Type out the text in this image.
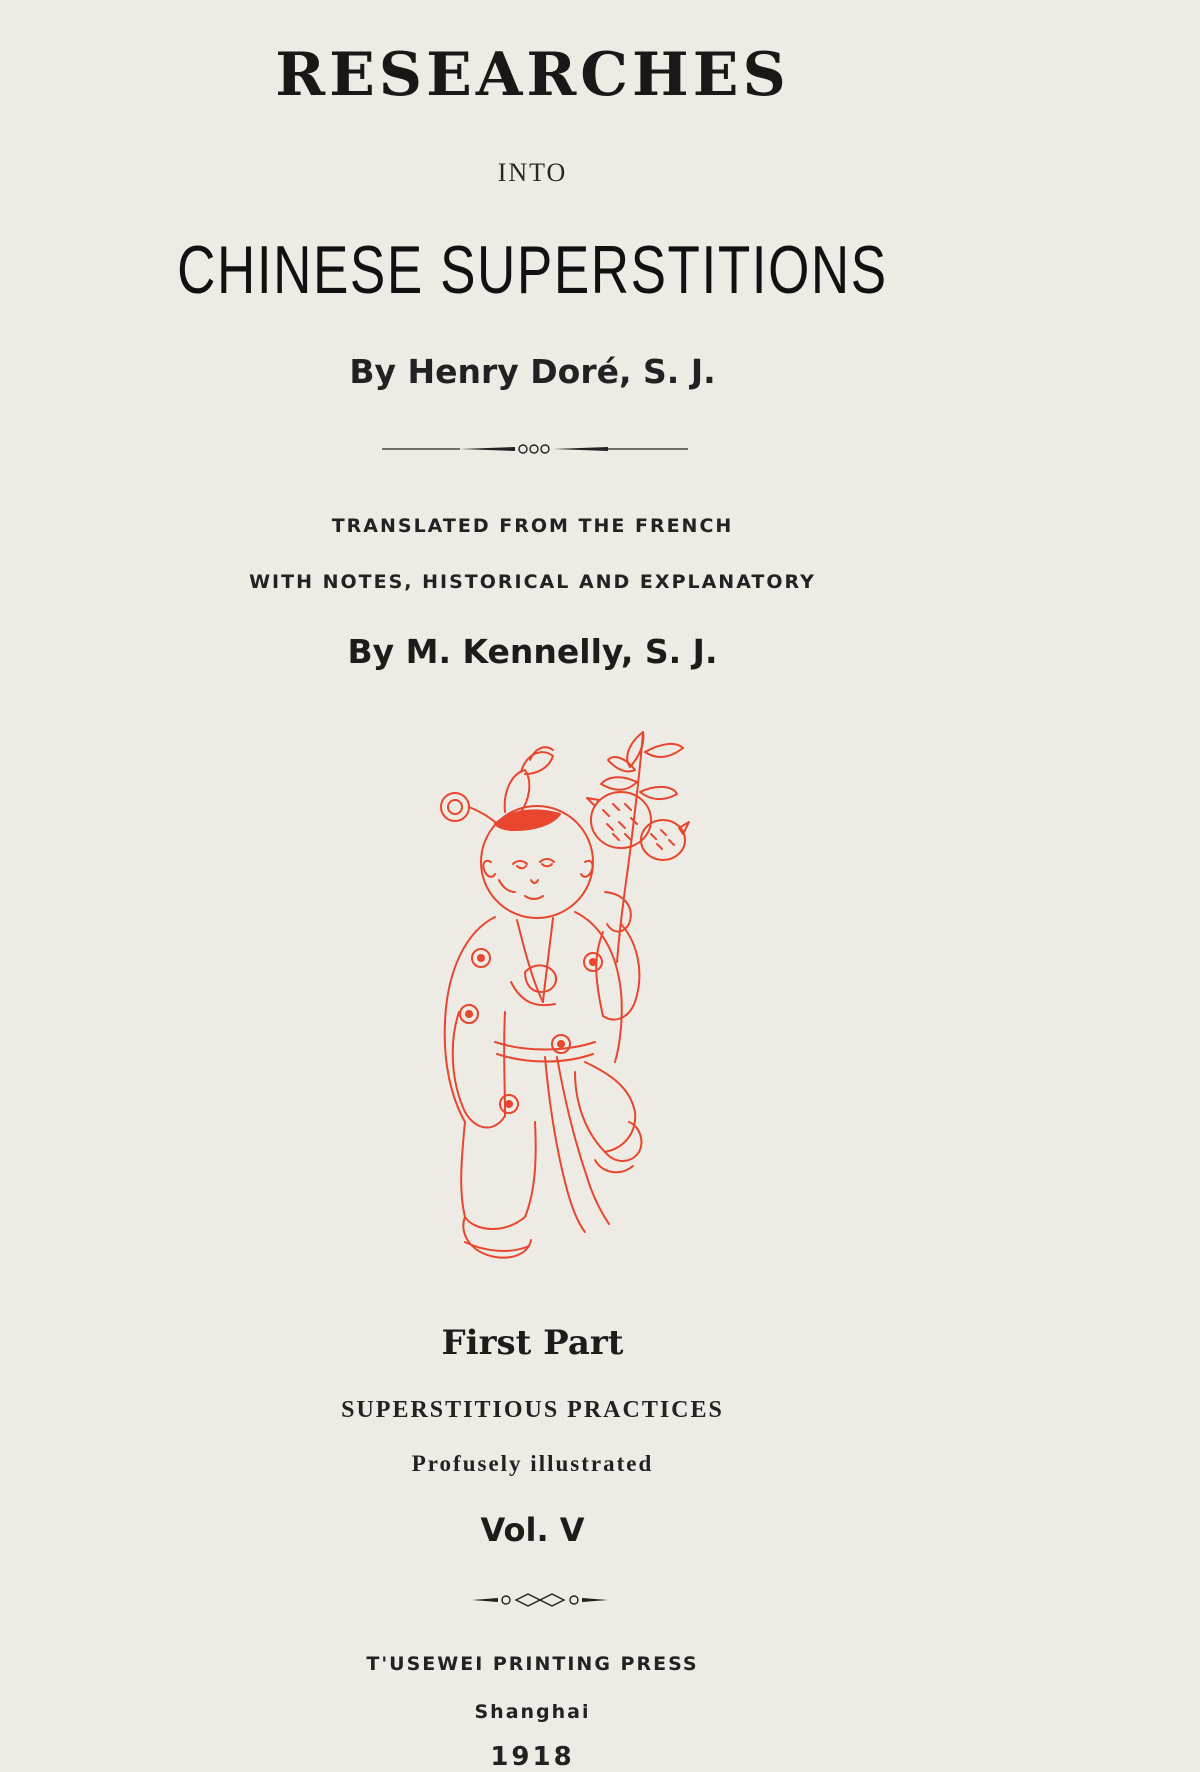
RESEARCHES
INTO
CHINESE SUPERSTITIONS
By Henry Doré, S. J.
TRANSLATED FROM THE FRENCH
WITH NOTES, HISTORICAL AND EXPLANATORY
By M. Kennelly, S. J.
First Part
SUPERSTITIOUS PRACTICES
Profusely illustrated
Vol. V
T'USEWEI PRINTING PRESS
Shanghai
1918
